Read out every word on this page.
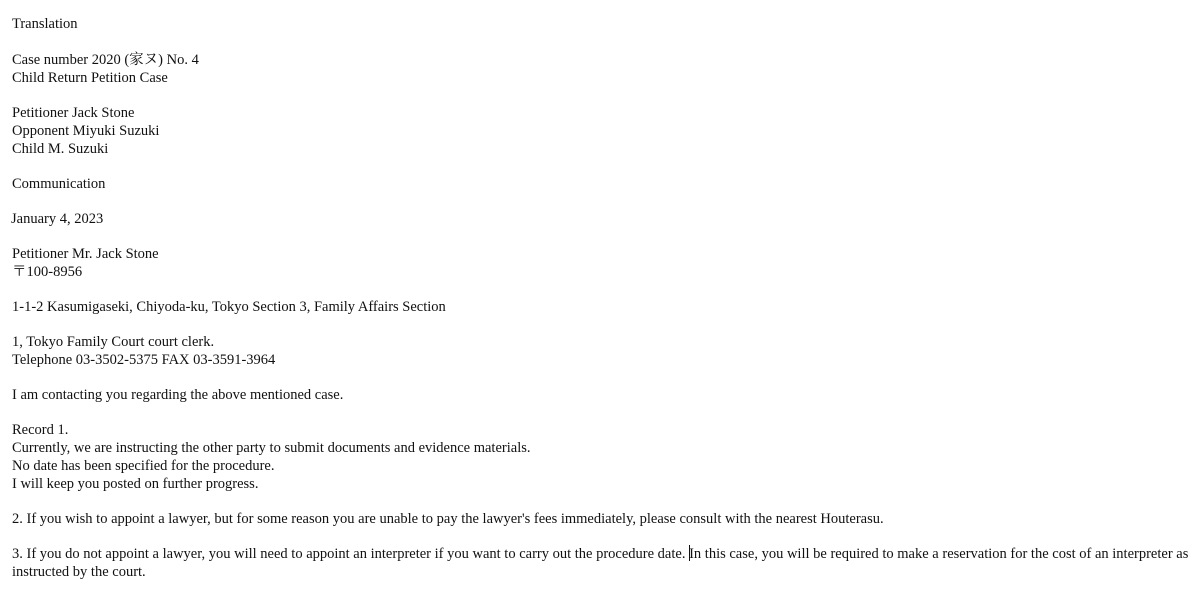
Translation
Case number 2020 (家ヌ) No. 4
Child Return Petition Case
Petitioner Jack Stone
Opponent Miyuki Suzuki
Child M. Suzuki
Communication
January 4, 2023
Petitioner Mr. Jack Stone
〒100-8956
1-1-2 Kasumigaseki, Chiyoda-ku, Tokyo Section 3, Family Affairs Section
1, Tokyo Family Court court clerk.
Telephone 03-3502-5375 FAX 03-3591-3964
I am contacting you regarding the above mentioned case.
Record 1.
Currently, we are instructing the other party to submit documents and evidence materials.
No date has been specified for the procedure.
I will keep you posted on further progress.
2. If you wish to appoint a lawyer, but for some reason you are unable to pay the lawyer's fees immediately, please consult with the nearest Houterasu.
3. If you do not appoint a lawyer, you will need to appoint an interpreter if you want to carry out the procedure date. In this case, you will be required to make a reservation for the cost of an interpreter as instructed by the court.
